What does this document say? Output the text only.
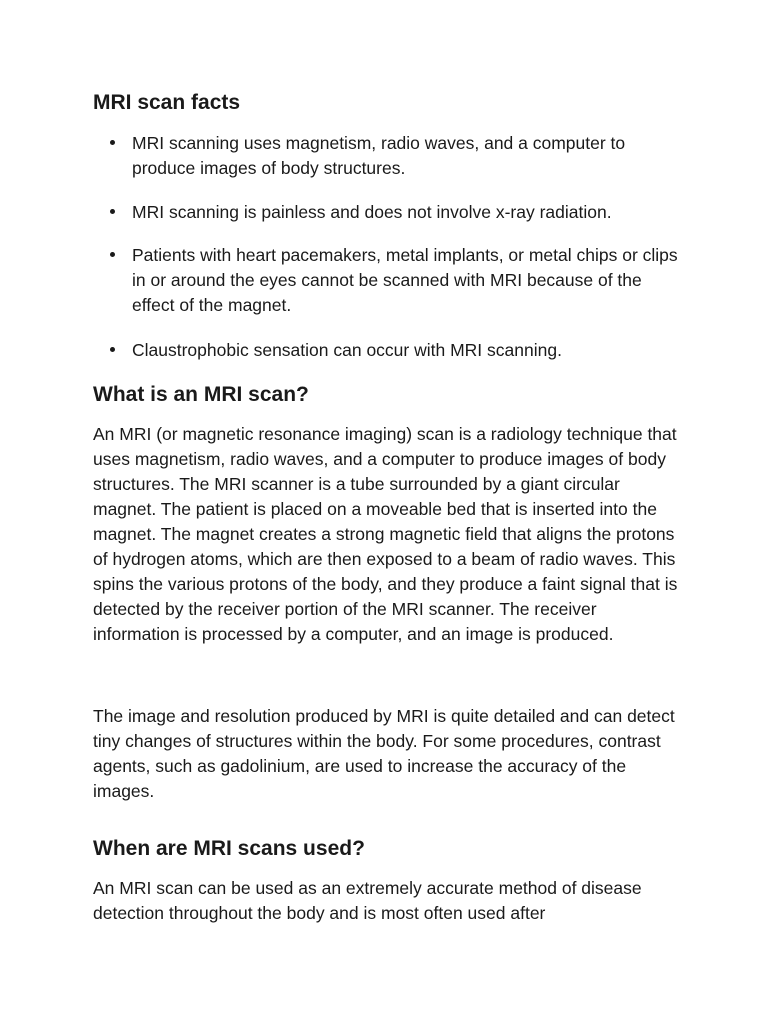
MRI scan facts
MRI scanning uses magnetism, radio waves, and a computer to produce images of body structures.
MRI scanning is painless and does not involve x-ray radiation.
Patients with heart pacemakers, metal implants, or metal chips or clips in or around the eyes cannot be scanned with MRI because of the effect of the magnet.
Claustrophobic sensation can occur with MRI scanning.
What is an MRI scan?

An MRI (or magnetic resonance imaging) scan is a radiology technique that uses magnetism, radio waves, and a computer to produce images of body structures. The MRI scanner is a tube surrounded by a giant circular magnet. The patient is placed on a moveable bed that is inserted into the magnet. The magnet creates a strong magnetic field that aligns the protons of hydrogen atoms, which are then exposed to a beam of radio waves. This spins the various protons of the body, and they produce a faint signal that is detected by the receiver portion of the MRI scanner. The receiver information is processed by a computer, and an image is produced.

The image and resolution produced by MRI is quite detailed and can detect tiny changes of structures within the body. For some procedures, contrast agents, such as gadolinium, are used to increase the accuracy of the images.

When are MRI scans used?

An MRI scan can be used as an extremely accurate method of disease detection throughout the body and is most often used after
